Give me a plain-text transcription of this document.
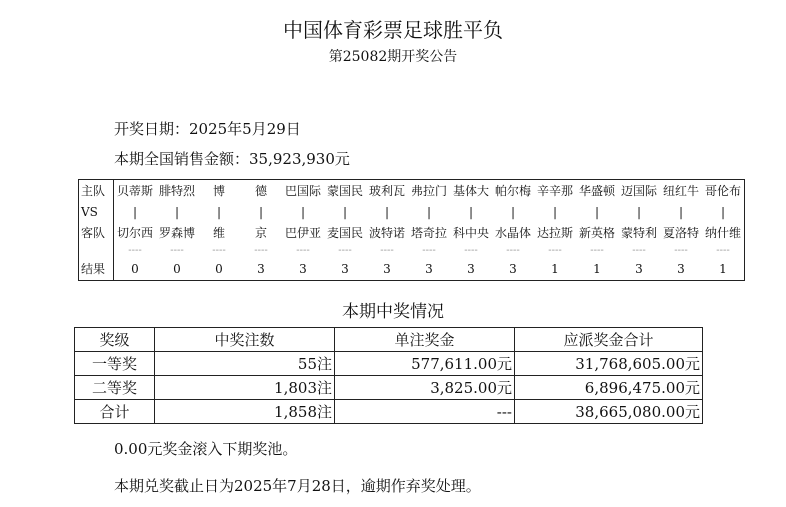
中国体育彩票足球胜平负
第25082期开奖公告
开奖日期：2025年5月29日
本期全国销售金额：35,923,930元
主队	贝蒂斯	腓特烈	博	德	巴国际	蒙国民	玻利瓦	弗拉门	基体大	帕尔梅	辛辛那	华盛顿	迈国际	纽红牛	哥伦布
VS	|	|	|	|	|	|	|	|	|	|	|	|	|	|	|
客队	切尔西	罗森博	维	京	巴伊亚	麦国民	波特诺	塔奇拉	科中央	水晶体	达拉斯	新英格	蒙特利	夏洛特	纳什维
	----	----	----	----	----	----	----	----	----	----	----	----	----	----	----
结果	0	0	0	3	3	3	3	3	3	3	1	1	3	3	1
本期中奖情况
奖级	中奖注数	单注奖金	应派奖金合计
一等奖	55注	577,611.00元	31,768,605.00元
二等奖	1,803注	3,825.00元	6,896,475.00元
合计	1,858注	---	38,665,080.00元
0.00元奖金滚入下期奖池。
本期兑奖截止日为2025年7月28日，逾期作弃奖处理。
